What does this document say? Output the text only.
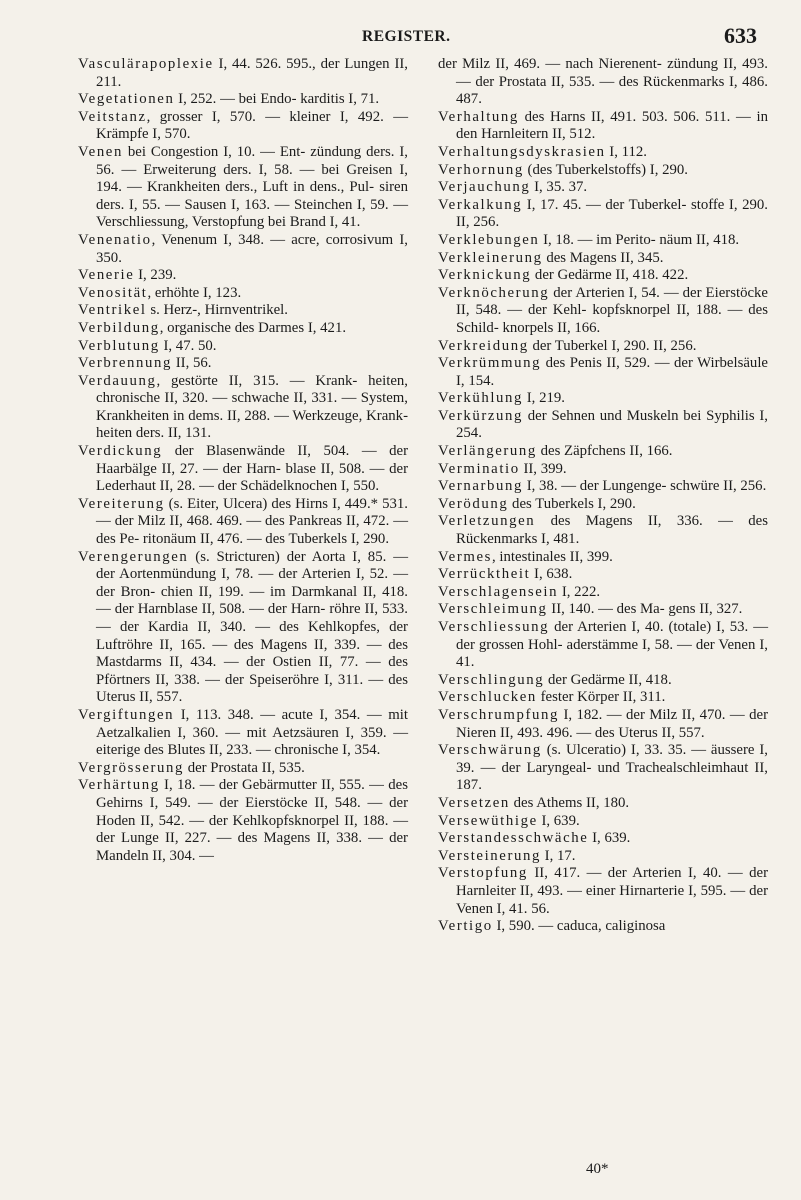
REGISTER.	633
Vasculärapoplexie I, 44. 526. 595., der Lungen II, 211.
Vegetationen I, 252. — bei Endo- karditis I, 71.
Veitstanz, grosser I, 570. — kleiner I, 492. — Krämpfe I, 570.
Venen bei Congestion I, 10. — Ent- zündung ders. I, 56. — Erweiterung ders. I, 58. — bei Greisen I, 194. — Krankheiten ders., Luft in dens., Pul- siren ders. I, 55. — Sausen I, 163. — Steinchen I, 59. — Verschliessung, Verstopfung bei Brand I, 41.
Venenatio, Venenum I, 348. — acre, corrosivum I, 350.
Venerie I, 239.
Venosität, erhöhte I, 123.
Ventrikel s. Herz-, Hirnventrikel.
Verbildung, organische des Darmes I, 421.
Verblutung I, 47. 50.
Verbrennung II, 56.
Verdauung, gestörte II, 315. — Krank- heiten, chronische II, 320. — schwache II, 331. — System, Krankheiten in dems. II, 288. — Werkzeuge, Krank- heiten ders. II, 131.
Verdickung der Blasenwände II, 504. — der Haarbälge II, 27. — der Harn- blase II, 508. — der Lederhaut II, 28. — der Schädelknochen I, 550.
Vereiterung (s. Eiter, Ulcera) des Hirns I, 449.* 531. — der Milz II, 468. 469. — des Pankreas II, 472. — des Pe- ritonäum II, 476. — des Tuberkels I, 290.
Verengerungen (s. Stricturen) der Aorta I, 85. — der Aortenmündung I, 78. — der Arterien I, 52. — der Bron- chien II, 199. — im Darmkanal II, 418. — der Harnblase II, 508. — der Harn- röhre II, 533. — der Kardia II, 340. — des Kehlkopfes, der Luftröhre II, 165. — des Magens II, 339. — des Mastdarms II, 434. — der Ostien II, 77. — des Pförtners II, 338. — der Speiseröhre I, 311. — des Uterus II, 557.
Vergiftungen I, 113. 348. — acute I, 354. — mit Aetzalkalien I, 360. — mit Aetzsäuren I, 359. — eiterige des Blutes II, 233. — chronische I, 354.
Vergrösserung der Prostata II, 535.
Verhärtung I, 18. — der Gebärmutter II, 555. — des Gehirns I, 549. — der Eierstöcke II, 548. — der Hoden II, 542. — der Kehlkopfsknorpel II, 188. — der Lunge II, 227. — des Magens II, 338. — der Mandeln II, 304. —
der Milz II, 469. — nach Nierenent- zündung II, 493. — der Prostata II, 535. — des Rückenmarks I, 486. 487.
Verhaltung des Harns II, 491. 503. 506. 511. — in den Harnleitern II, 512.
Verhaltungsdyskrasien I, 112.
Verhornung (des Tuberkelstoffs) I, 290.
Verjauchung I, 35. 37.
Verkalkung I, 17. 45. — der Tuberkel- stoffe I, 290. II, 256.
Verklebungen I, 18. — im Perito- näum II, 418.
Verkleinerung des Magens II, 345.
Verknickung der Gedärme II, 418. 422.
Verknöcherung der Arterien I, 54. — der Eierstöcke II, 548. — der Kehl- kopfsknorpel II, 188. — des Schild- knorpels II, 166.
Verkreidung der Tuberkel I, 290. II, 256.
Verkrümmung des Penis II, 529. — der Wirbelsäule I, 154.
Verkühlung I, 219.
Verkürzung der Sehnen und Muskeln bei Syphilis I, 254.
Verlängerung des Zäpfchens II, 166.
Verminatio II, 399.
Vernarbung I, 38. — der Lungenge- schwüre II, 256.
Verödung des Tuberkels I, 290.
Verletzungen des Magens II, 336. — des Rückenmarks I, 481.
Vermes, intestinales II, 399.
Verrücktheit I, 638.
Verschlagensein I, 222.
Verschleimung II, 140. — des Ma- gens II, 327.
Verschliessung der Arterien I, 40. (totale) I, 53. — der grossen Hohl- aderstämme I, 58. — der Venen I, 41.
Verschlingung der Gedärme II, 418.
Verschlucken fester Körper II, 311.
Verschrumpfung I, 182. — der Milz II, 470. — der Nieren II, 493. 496. — des Uterus II, 557.
Verschwärung (s. Ulceratio) I, 33. 35. — äussere I, 39. — der Laryngeal- und Trachealschleimhaut II, 187.
Versetzen des Athems II, 180.
Versewüthige I, 639.
Verstandesschwäche I, 639.
Versteinerung I, 17.
Verstopfung II, 417. — der Arterien I, 40. — der Harnleiter II, 493. — einer Hirnarterie I, 595. — der Venen I, 41. 56.
Vertigo I, 590. — caduca, caliginosa
40*
